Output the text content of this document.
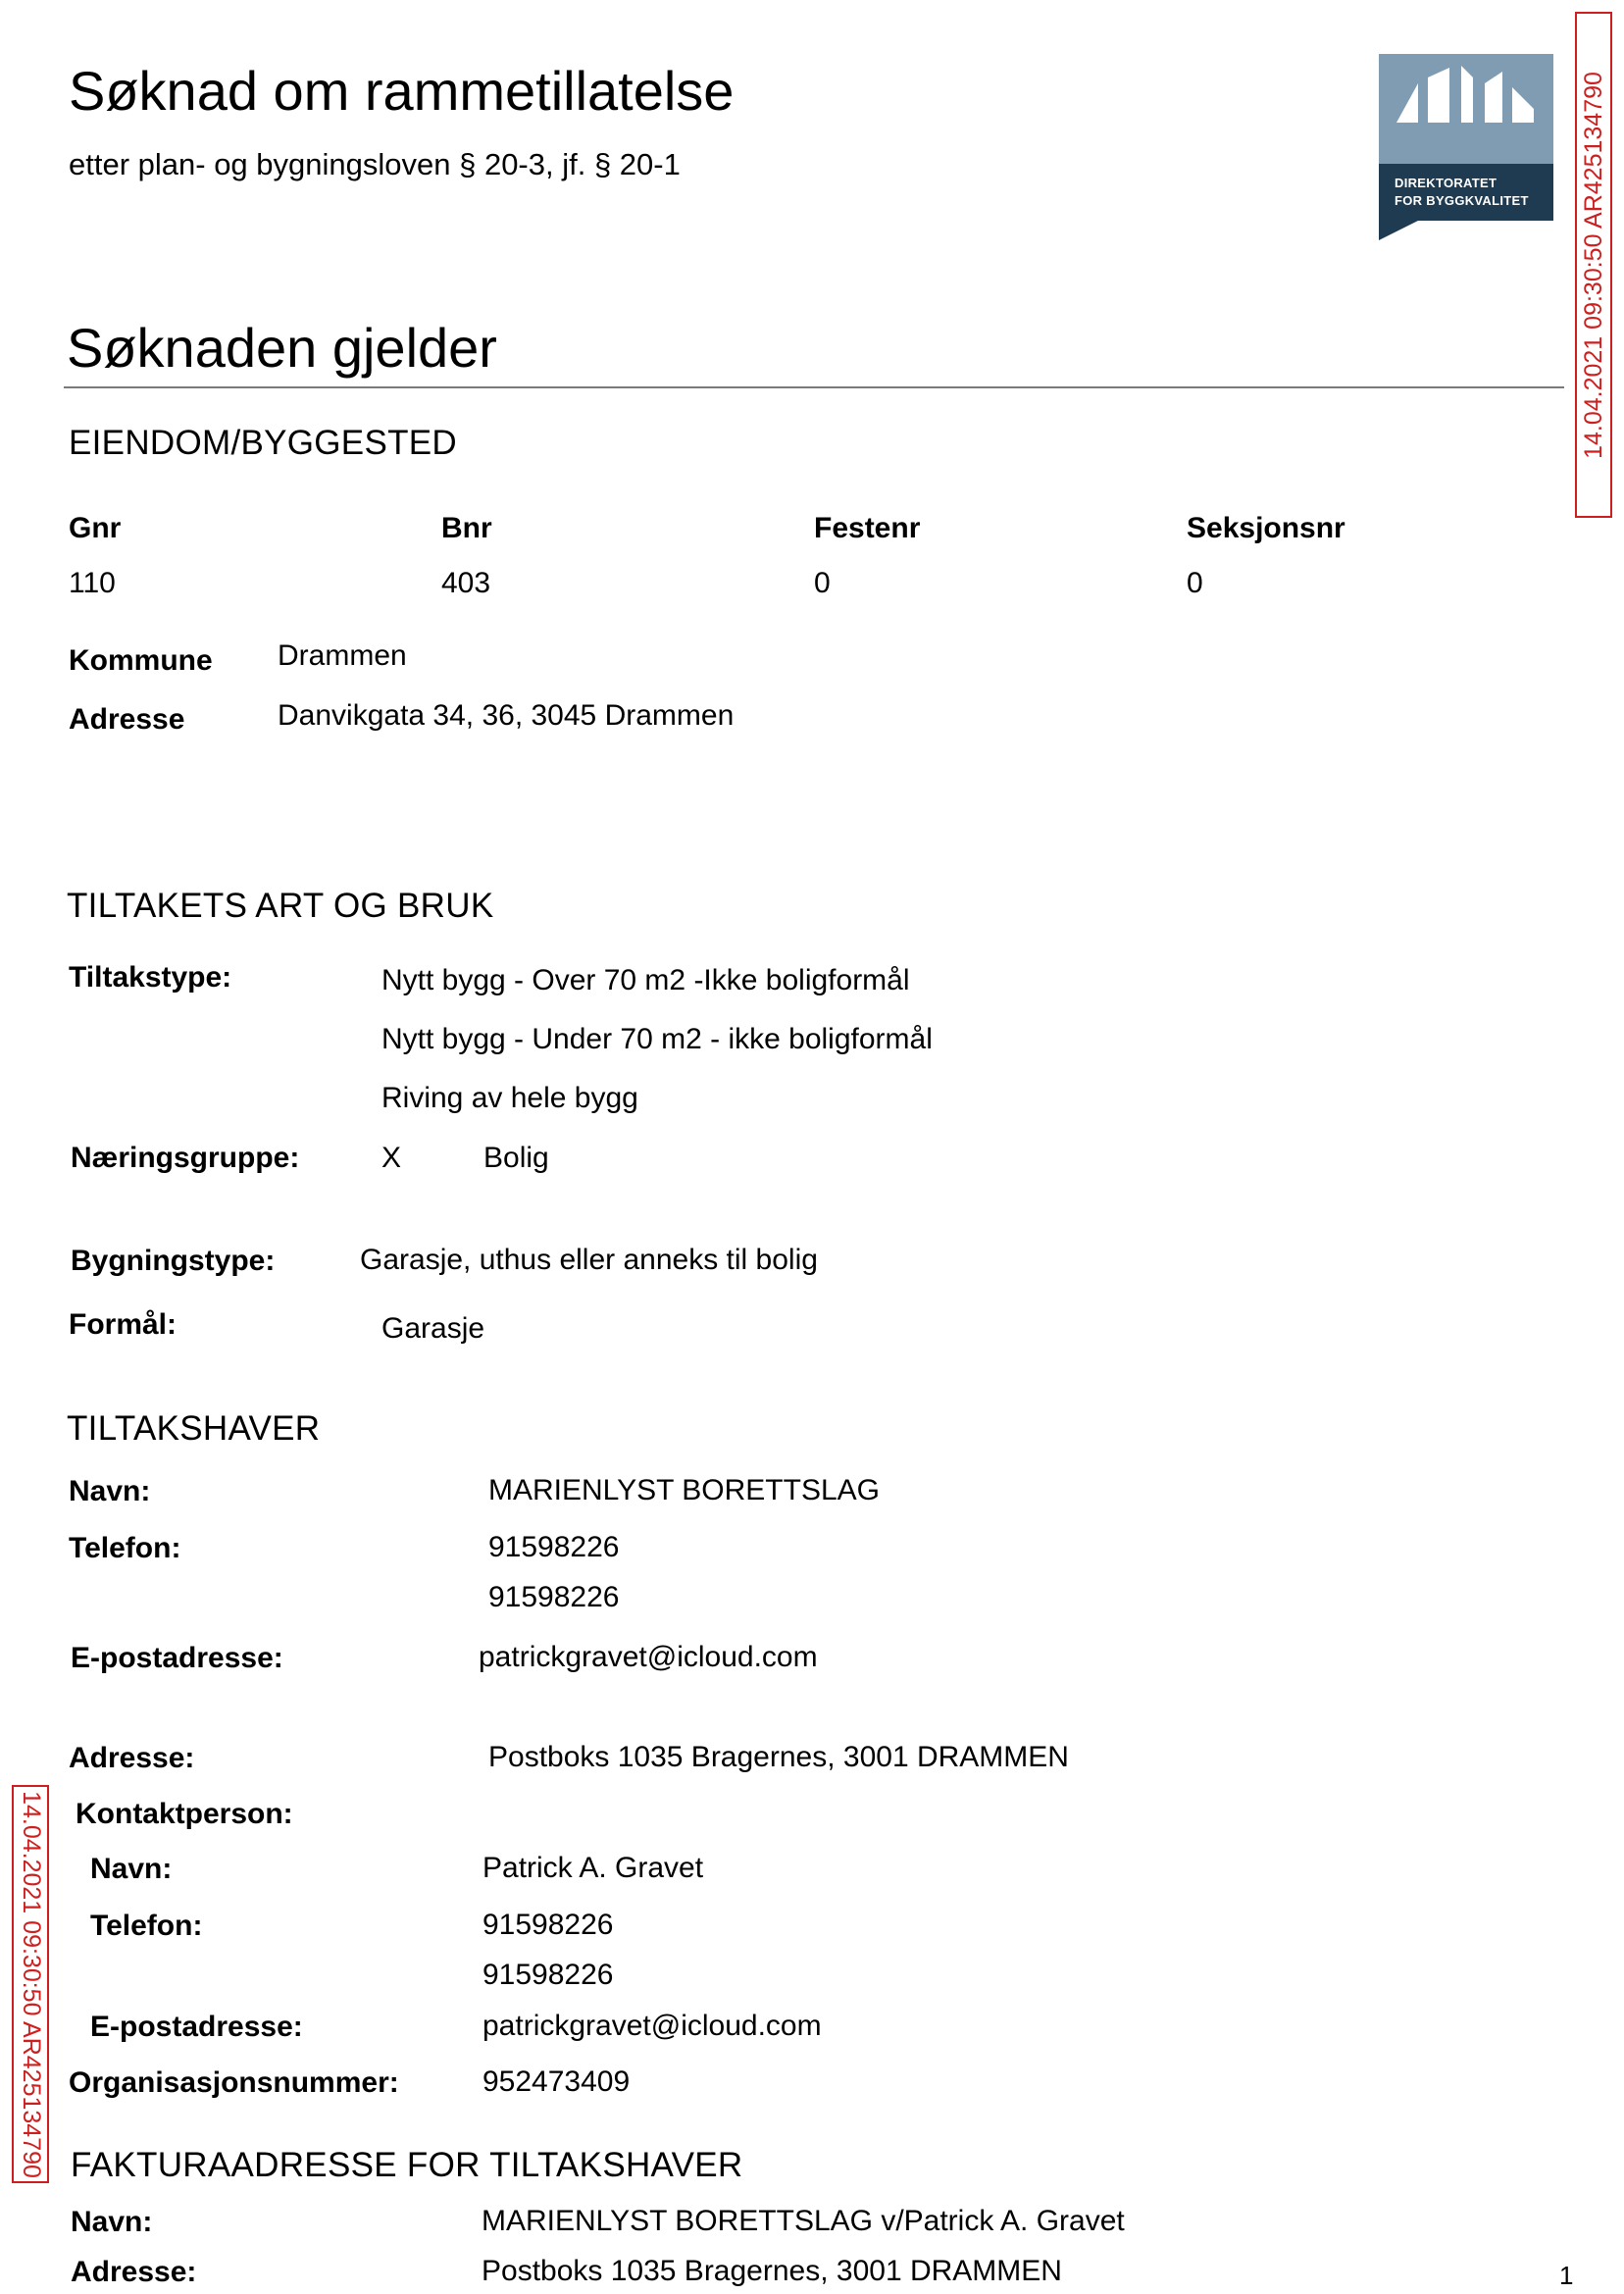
Søknad om rammetillatelse
etter plan- og bygningsloven § 20-3, jf. § 20-1
DIREKTORATET
FOR BYGGKVALITET
Søknaden gjelder
EIENDOM/BYGGESTED
Gnr	Bnr	Festenr	Seksjonsnr
110	403	0	0
Kommune Drammen
Adresse	Danvikgata 34, 36, 3045 Drammen
TILTAKETS ART OG BRUK
Tiltakstype:	Nytt bygg - Over 70 m2 -Ikke boligformål
Nytt bygg - Under 70 m2 - ikke boligformål
Riving av hele bygg
Næringsgruppe:	X	Bolig
Bygningstype:	Garasje, uthus eller anneks til bolig
Formål:	Garasje
TILTAKSHAVER
Navn:	MARIENLYST BORETTSLAG
Telefon:	91598226
91598226
E-postadresse:	patrickgravet@icloud.com
Adresse:	Postboks 1035 Bragernes, 3001 DRAMMEN
Kontaktperson:
Navn:	Patrick A. Gravet
Telefon:	91598226
91598226
E-postadresse:	patrickgravet@icloud.com
Organisasjonsnummer:	952473409
FAKTURAADRESSE FOR TILTAKSHAVER
Navn:	MARIENLYST BORETTSLAG v/Patrick A. Gravet
Adresse:	Postboks 1035 Bragernes, 3001 DRAMMEN	1
14.04.2021 09:30:50 AR425134790
14.04.2021 09:30:50 AR425134790
